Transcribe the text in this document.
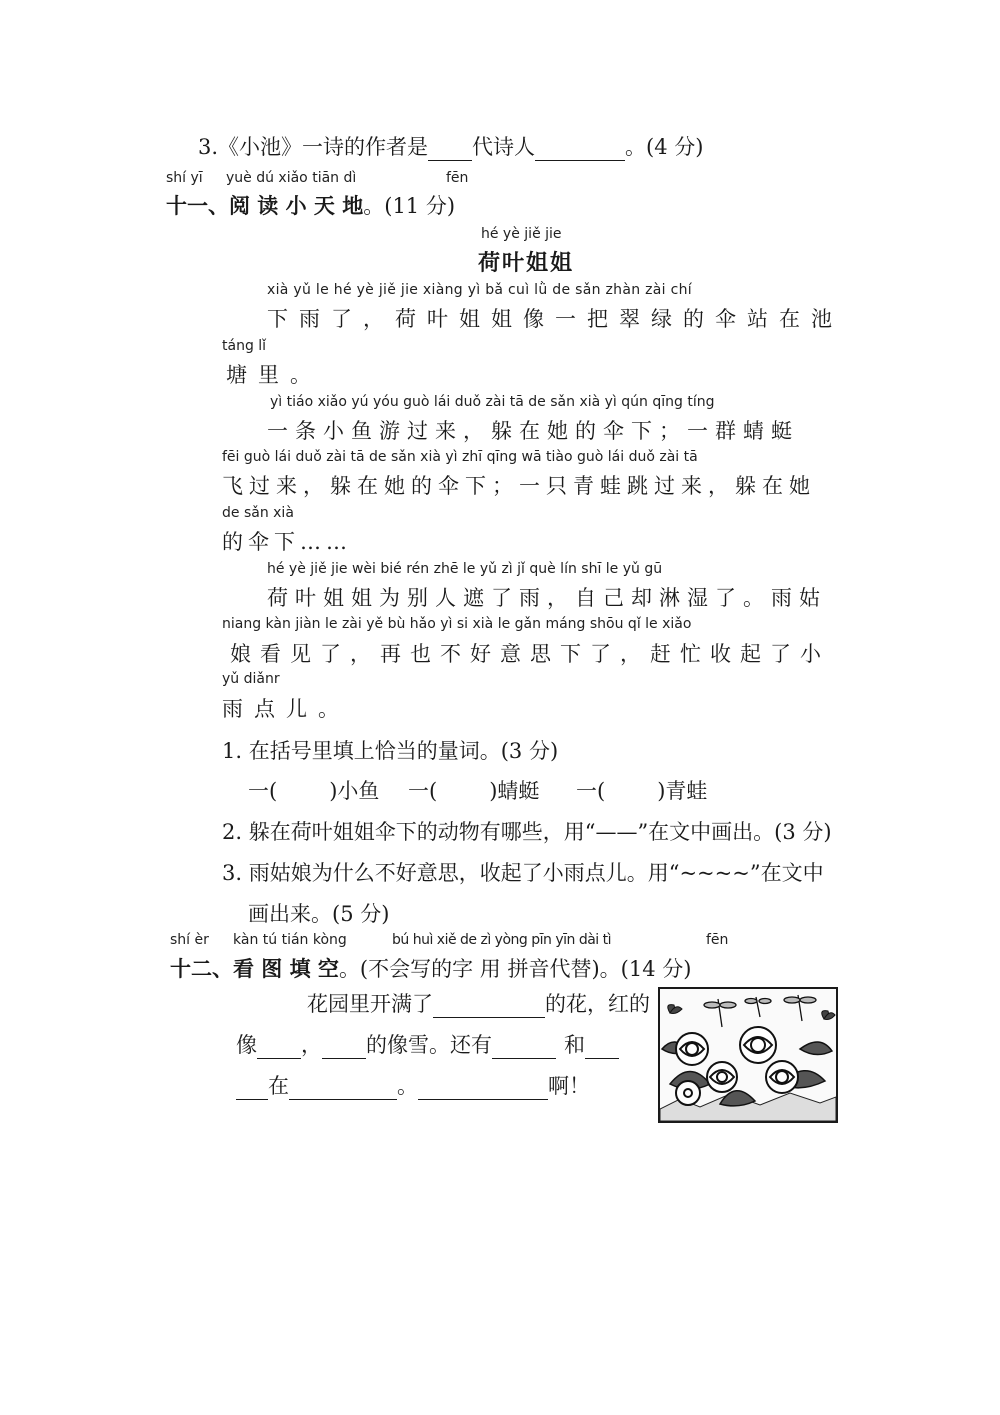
3.《小池》一诗的作者是 代诗人	。(4 分)
shí yī yuè dú xiǎo tiān dì	fēn
十一、阅 读 小 天 地。(11 分)
hé yè jiě jie
荷叶姐姐
xià yǔ le hé yè jiě jie xiàng yì bǎ cuì lǜ de sǎn zhàn zài chí
下雨了，荷叶姐姐像一把翠绿的伞站在池
táng lǐ
塘里。
yì tiáo xiǎo yú yóu guò lái duǒ zài tā de sǎn xià yì qún qīng tíng
一条小鱼游过来，躲在她的伞下；一群蜻蜓
fēi guò lái duǒ zài tā de sǎn xià yì zhī qīng wā tiào guò lái duǒ zài tā
飞过来，躲在她的伞下；一只青蛙跳过来，躲在她
de sǎn xià
的伞下……
hé yè jiě jie wèi bié rén zhē le yǔ zì jǐ què lín shī le yǔ gū
荷叶姐姐为别人遮了雨，自己却淋湿了。雨姑
niang kàn jiàn le zài yě bù hǎo yì si xià le gǎn máng shōu qǐ le xiǎo
娘看见了，再也不好意思下了，赶忙收起了小
yǔ diǎnr
雨点儿。
1. 在括号里填上恰当的量词。(3 分)
一( )小鱼 一( )蜻蜓 一( )青蛙
2. 躲在荷叶姐姐伞下的动物有哪些，用“——”在文中画出。(3 分)
3. 雨姑娘为什么不好意思，收起了小雨点儿。用“~~~~”在文中
画出来。(5 分)
shí èr kàn tú tián kòng	bú huì xiě de zì yòng pīn yīn dài tì	fēn
十二、看 图 填 空。(不会写的字 用 拼音代替)。(14 分)
花园里开满了	的花，红的
像 ， 的像雪。还有	和
在	。	啊！
